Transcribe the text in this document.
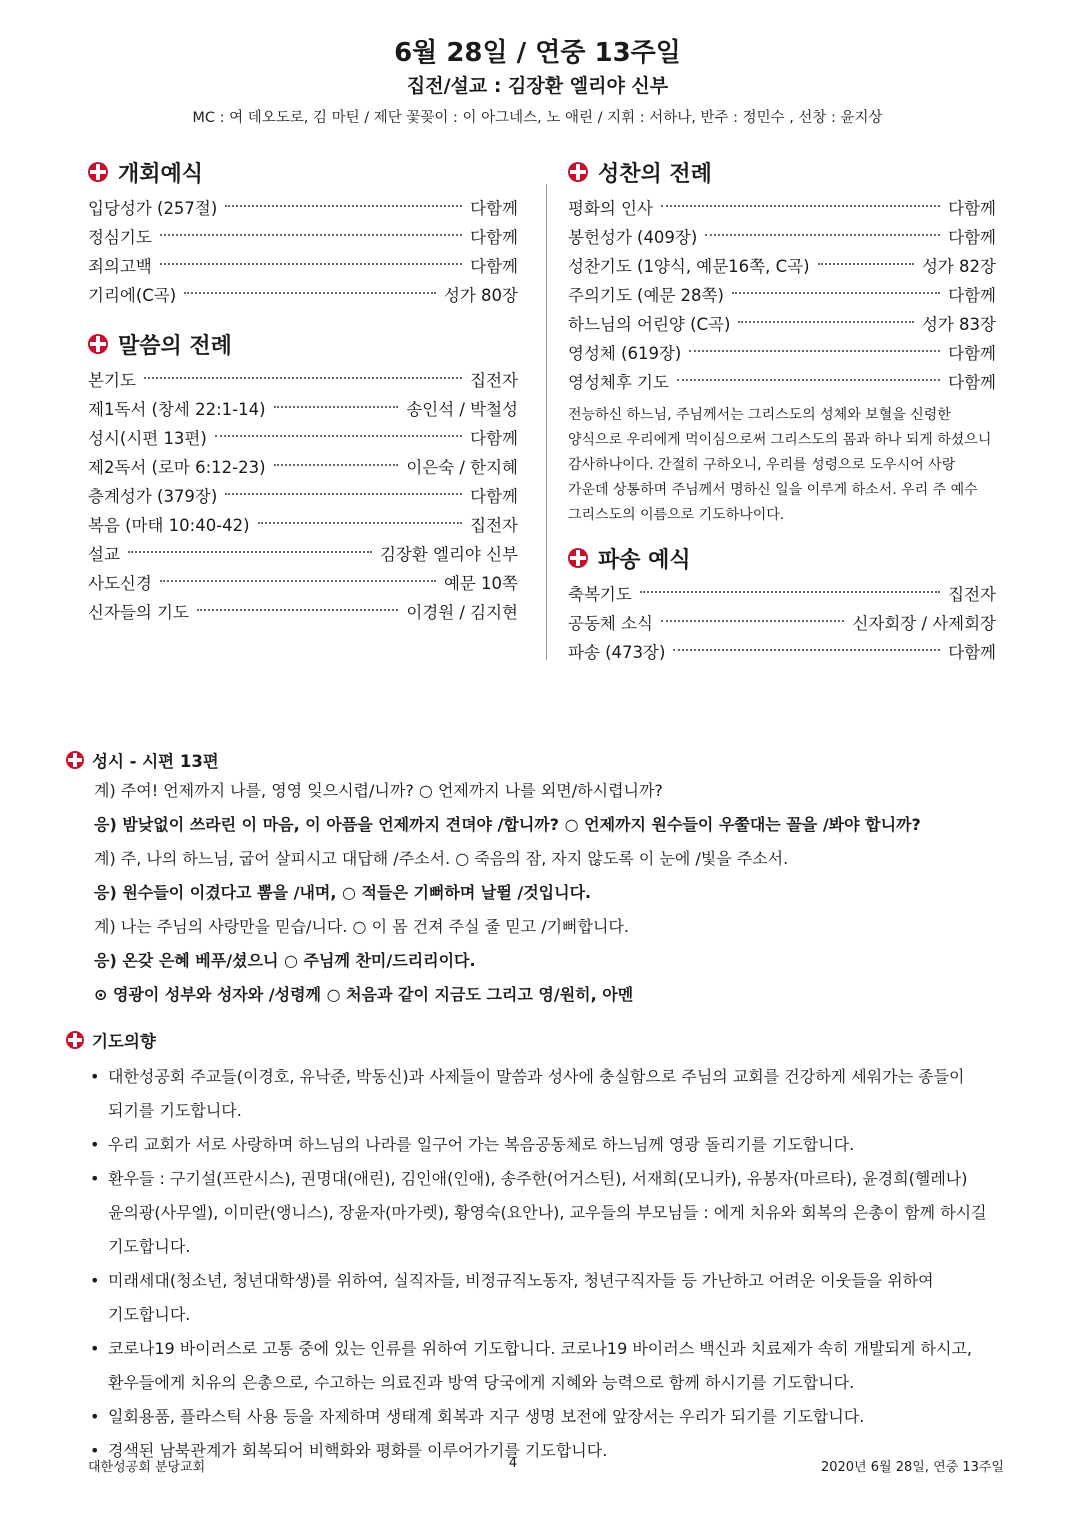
6월 28일 / 연중 13주일
집전/설교 : 김장환 엘리야 신부
MC : 여 데오도로, 김 마틴 / 제단 꽃꽂이 : 이 아그네스, 노 애린 / 지휘 : 서하나, 반주 : 정민수 , 선창 : 윤지상
개회예식
입당성가 (257절)	다함께
정심기도	다함께
죄의고백	다함께
기리에(C곡)	성가 80장
말씀의 전례
본기도	집전자
제1독서 (창세 22:1-14)	송인석 / 박철성
성시(시편 13편)	다함께
제2독서 (로마 6:12-23)	이은숙 / 한지혜
층계성가 (379장)	다함께
복음 (마태 10:40-42)	집전자
설교	김장환 엘리야 신부
사도신경	예문 10쪽
신자들의 기도	이경원 / 김지현
성찬의 전례
평화의 인사	다함께
봉헌성가 (409장)	다함께
성찬기도 (1양식, 예문16쪽, C곡)	성가 82장
주의기도 (예문 28쪽)	다함께
하느님의 어린양 (C곡)	성가 83장
영성체 (619장)	다함께
영성체후 기도	다함께
전능하신 하느님, 주님께서는 그리스도의 성체와 보혈을 신령한 양식으로 우리에게 먹이심으로써 그리스도의 몸과 하나 되게 하셨으니 감사하나이다. 간절히 구하오니, 우리를 성령으로 도우시어 사랑 가운데 상통하며 주님께서 명하신 일을 이루게 하소서. 우리 주 예수 그리스도의 이름으로 기도하나이다.
파송 예식
축복기도	집전자
공동체 소식	신자회장 / 사제회장
파송 (473장)	다함께
성시 - 시편 13편
계) 주여! 언제까지 나를, 영영 잊으시렵/니까? ○ 언제까지 나를 외면/하시렵니까?
응) 밤낮없이 쓰라린 이 마음, 이 아픔을 언제까지 견뎌야 /합니까? ○ 언제까지 원수들이 우쭐대는 꼴을 /봐야 합니까?
계) 주, 나의 하느님, 굽어 살피시고 대답해 /주소서. ○ 죽음의 잠, 자지 않도록 이 눈에 /빛을 주소서.
응) 원수들이 이겼다고 뽐을 /내며, ○ 적들은 기뻐하며 날뛸 /것입니다.
계) 나는 주님의 사랑만을 믿습/니다. ○ 이 몸 건져 주실 줄 믿고 /기뻐합니다.
응) 온갖 은혜 베푸/셨으니 ○ 주님께 찬미/드리리이다.
⊙ 영광이 성부와 성자와 /성령께 ○ 처음과 같이 지금도 그리고 영/원히, 아멘
기도의향
• 대한성공회 주교들(이경호, 유낙준, 박동신)과 사제들이 말씀과 성사에 충실함으로 주님의 교회를 건강하게 세워가는 종들이 되기를 기도합니다.
• 우리 교회가 서로 사랑하며 하느님의 나라를 일구어 가는 복음공동체로 하느님께 영광 돌리기를 기도합니다.
• 환우들 : 구기설(프란시스), 권명대(애린), 김인애(인애), 송주한(어거스틴), 서재희(모니카), 유봉자(마르타), 윤경희(헬레나) 윤의광(사무엘), 이미란(앵니스), 장윤자(마가렛), 황영숙(요안나), 교우들의 부모님들 : 에게 치유와 회복의 은총이 함께 하시길 기도합니다.
• 미래세대(청소년, 청년대학생)를 위하여, 실직자들, 비정규직노동자, 청년구직자들 등 가난하고 어려운 이웃들을 위하여 기도합니다.
• 코로나19 바이러스로 고통 중에 있는 인류를 위하여 기도합니다. 코로나19 바이러스 백신과 치료제가 속히 개발되게 하시고, 환우들에게 치유의 은총으로, 수고하는 의료진과 방역 당국에게 지혜와 능력으로 함께 하시기를 기도합니다.
• 일회용품, 플라스틱 사용 등을 자제하며 생태계 회복과 지구 생명 보전에 앞장서는 우리가 되기를 기도합니다.
• 경색된 남북관계가 회복되어 비핵화와 평화를 이루어가기를 기도합니다.
대한성공회 분당교회	4	2020년 6월 28일, 연중 13주일
